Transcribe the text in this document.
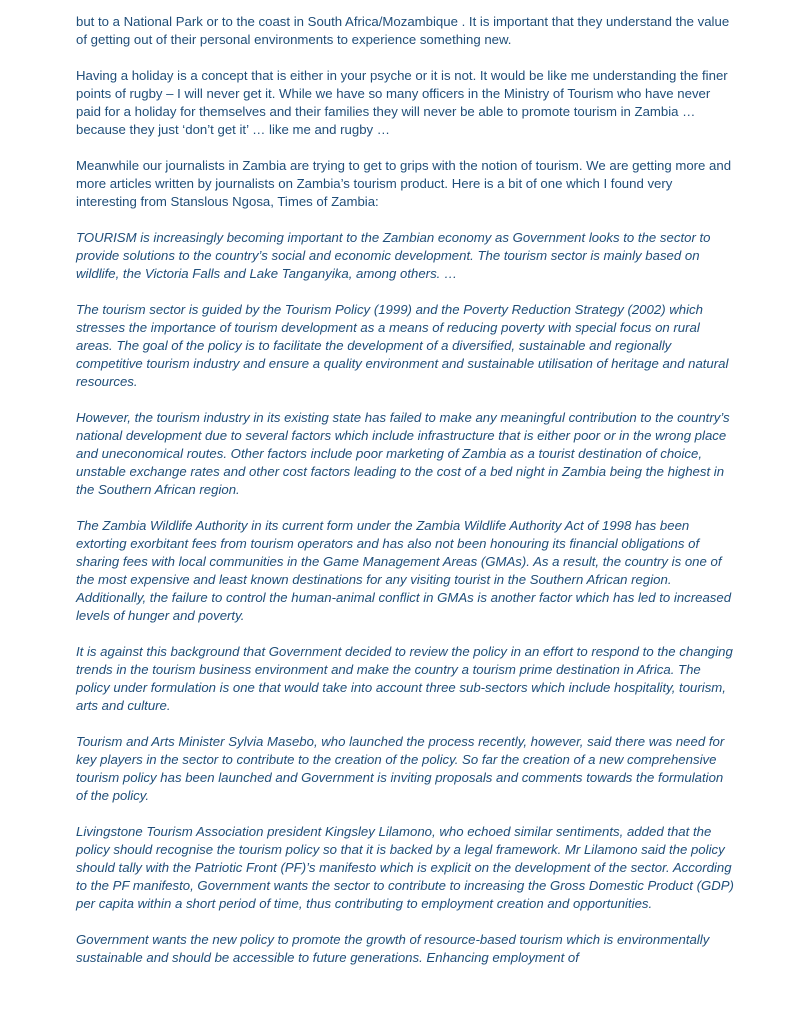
but to a National Park or to the coast in South Africa/Mozambique . It is important that they understand the value of getting out of their personal environments to experience something new.

Having a holiday is a concept that is either in your psyche or it is not. It would be like me understanding the finer points of rugby – I will never get it. While we have so many officers in the Ministry of Tourism who have never paid for a holiday for themselves and their families they will never be able to promote tourism in Zambia … because they just ‘don’t get it’ … like me and rugby …

Meanwhile our journalists in Zambia are trying to get to grips with the notion of tourism. We are getting more and more articles written by journalists on Zambia’s tourism product. Here is a bit of one which I found very interesting from Stanslous Ngosa, Times of Zambia:

TOURISM is increasingly becoming important to the Zambian economy as Government looks to the sector to provide solutions to the country’s social and economic development. The tourism sector is mainly based on wildlife, the Victoria Falls and Lake Tanganyika, among others. …

The tourism sector is guided by the Tourism Policy (1999) and the Poverty Reduction Strategy (2002) which stresses the importance of tourism development as a means of reducing poverty with special focus on rural areas. The goal of the policy is to facilitate the development of a diversified, sustainable and regionally competitive tourism industry and ensure a quality environment and sustainable utilisation of heritage and natural resources.

However, the tourism industry in its existing state has failed to make any meaningful contribution to the country’s national development due to several factors which include infrastructure that is either poor or in the wrong place and uneconomical routes. Other factors include poor marketing of Zambia as a tourist destination of choice, unstable exchange rates and other cost factors leading to the cost of a bed night in Zambia being the highest in the Southern African region.

The Zambia Wildlife Authority in its current form under the Zambia Wildlife Authority Act of 1998 has been extorting exorbitant fees from tourism operators and has also not been honouring its financial obligations of sharing fees with local communities in the Game Management Areas (GMAs). As a result, the country is one of the most expensive and least known destinations for any visiting tourist in the Southern African region. Additionally, the failure to control the human-animal conflict in GMAs is another factor which has led to increased levels of hunger and poverty.

It is against this background that Government decided to review the policy in an effort to respond to the changing trends in the tourism business environment and make the country a tourism prime destination in Africa. The policy under formulation is one that would take into account three sub-sectors which include hospitality, tourism, arts and culture.

Tourism and Arts Minister Sylvia Masebo, who launched the process recently, however, said there was need for key players in the sector to contribute to the creation of the policy. So far the creation of a new comprehensive tourism policy has been launched and Government is inviting proposals and comments towards the formulation of the policy.

Livingstone Tourism Association president Kingsley Lilamono, who echoed similar sentiments, added that the policy should recognise the tourism policy so that it is backed by a legal framework. Mr Lilamono said the policy should tally with the Patriotic Front (PF)’s manifesto which is explicit on the development of the sector. According to the PF manifesto, Government wants the sector to contribute to increasing the Gross Domestic Product (GDP) per capita within a short period of time, thus contributing to employment creation and opportunities.

Government wants the new policy to promote the growth of resource-based tourism which is environmentally sustainable and should be accessible to future generations. Enhancing employment of
